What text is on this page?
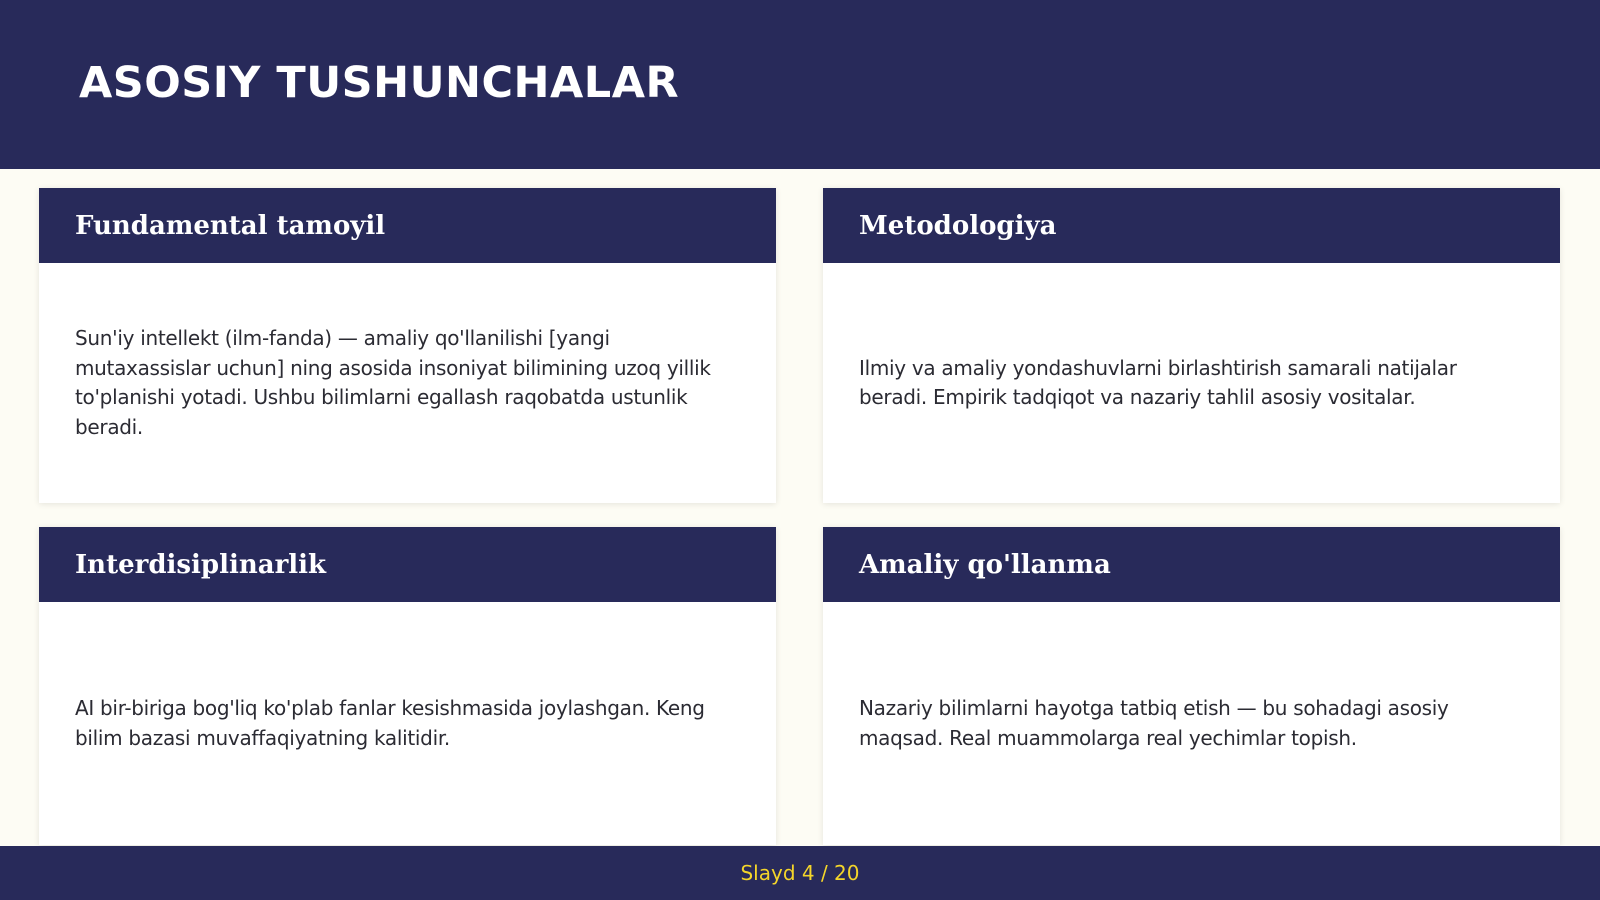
ASOSIY TUSHUNCHALAR
Fundamental tamoyil

Sun'iy intellekt (ilm-fanda) — amaliy qo'llanilishi [yangi mutaxassislar uchun] ning asosida insoniyat bilimining uzoq yillik to'planishi yotadi. Ushbu bilimlarni egallash raqobatda ustunlik beradi.

Metodologiya

Ilmiy va amaliy yondashuvlarni birlashtirish samarali natijalar beradi. Empirik tadqiqot va nazariy tahlil asosiy vositalar.

Interdisiplinarlik

AI bir-biriga bog'liq ko'plab fanlar kesishmasida joylashgan. Keng bilim bazasi muvaffaqiyatning kalitidir.

Amaliy qo'llanma

Nazariy bilimlarni hayotga tatbiq etish — bu sohadagi asosiy maqsad. Real muammolarga real yechimlar topish.

Slayd 4 / 20
